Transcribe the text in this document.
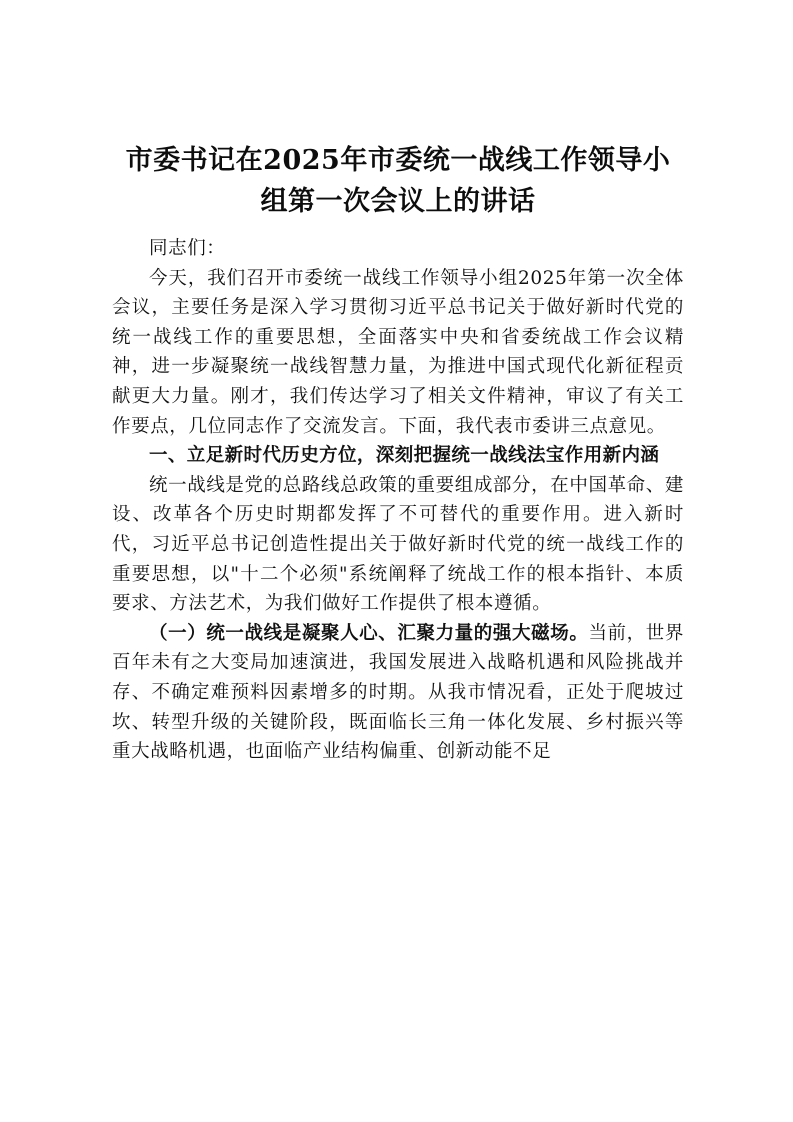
市委书记在2025年市委统一战线工作领导小组第一次会议上的讲话

同志们：

今天，我们召开市委统一战线工作领导小组2025年第一次全体会议，主要任务是深入学习贯彻习近平总书记关于做好新时代党的统一战线工作的重要思想，全面落实中央和省委统战工作会议精神，进一步凝聚统一战线智慧力量，为推进中国式现代化新征程贡献更大力量。刚才，我们传达学习了相关文件精神，审议了有关工作要点，几位同志作了交流发言。下面，我代表市委讲三点意见。

一、立足新时代历史方位，深刻把握统一战线法宝作用新内涵

统一战线是党的总路线总政策的重要组成部分，在中国革命、建设、改革各个历史时期都发挥了不可替代的重要作用。进入新时代，习近平总书记创造性提出关于做好新时代党的统一战线工作的重要思想，以"十二个必须"系统阐释了统战工作的根本指针、本质要求、方法艺术，为我们做好工作提供了根本遵循。

（一）统一战线是凝聚人心、汇聚力量的强大磁场。当前，世界百年未有之大变局加速演进，我国发展进入战略机遇和风险挑战并存、不确定难预料因素增多的时期。从我市情况看，正处于爬坡过坎、转型升级的关键阶段，既面临长三角一体化发展、乡村振兴等重大战略机遇，也面临产业结构偏重、创新动能不足
